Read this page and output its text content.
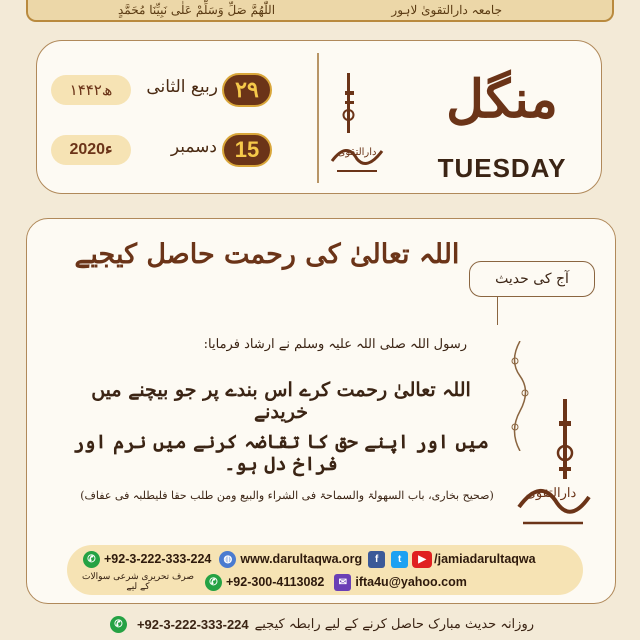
جامعہ دارالتقویٰ لاہور
اللّٰھُمَّ صَلِّ وَسَلِّمْ عَلٰی نَبِیِّنَا مُحَمَّدٍ
منگل
TUESDAY
دارالتقوی
۲۹
ربیع الثانی
۱۴۴۲ھ
15
دسمبر
2020ء
اللہ تعالیٰ کی رحمت حاصل کیجیے
آج کی حدیث
رسول اللہ صلی اللہ علیہ وسلم نے ارشاد فرمایا:
اللہ تعالیٰ رحمت کرے اس بندے پر جو بیچنے میں خریدنے
میں اور اپنے حق کا تقاضہ کرنے میں نرم اور فراخ دل ہو۔
(صحیح بخاری، باب السھولۃ والسماحۃ فی الشراء والبیع ومن طلب حقا فلیطلبہ فی عفاف)	دارالتقوی
✆ +92-3-222-333-224	◍ www.darultaqwa.org	f	t	▶ /jamiadarultaqwa
صرف تحریری شرعی سوالات کے لیے	✆ +92-300-4113082	✉ ifta4u@yahoo.com
✆	+92-3-222-333-224 روزانہ حدیث مبارک حاصل کرنے کے لیے رابطہ کیجیے
